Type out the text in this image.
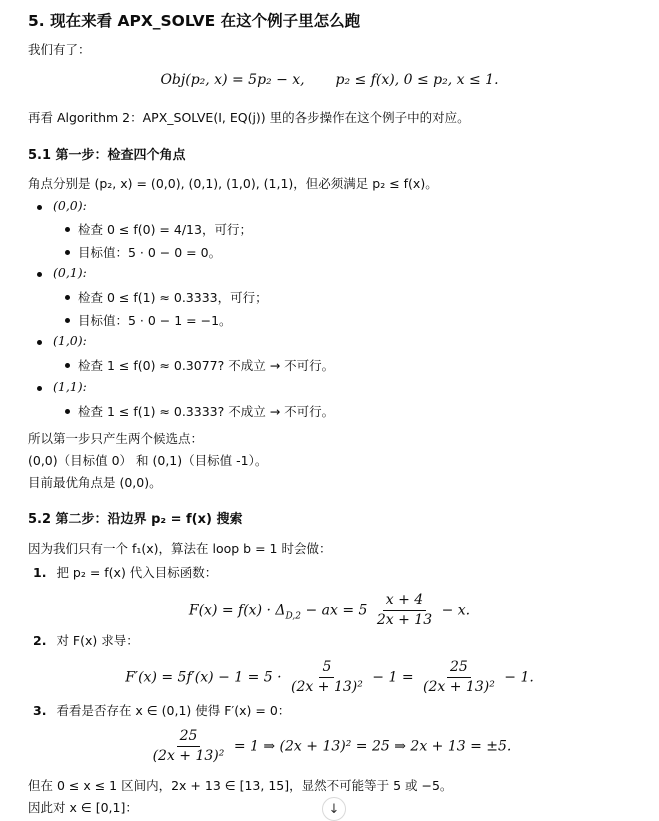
5. 现在来看 APX_SOLVE 在这个例子里怎么跑
我们有了：
Obj(p₂, x) = 5p₂ − x, p₂ ≤ f(x), 0 ≤ p₂, x ≤ 1.
再看 Algorithm 2：APX_SOLVE(I, EQ(j)) 里的各步操作在这个例子中的对应。
5.1 第一步：检查四个角点
角点分别是 (p₂, x) = (0,0), (0,1), (1,0), (1,1)，但必须满足 p₂ ≤ f(x)。
(0,0):
检查 0 ≤ f(0) = 4/13，可行；
目标值：5 · 0 − 0 = 0。
(0,1):
检查 0 ≤ f(1) ≈ 0.3333，可行；
目标值：5 · 0 − 1 = −1。
(1,0):
检查 1 ≤ f(0) ≈ 0.3077? 不成立 → 不可行。
(1,1):
检查 1 ≤ f(1) ≈ 0.3333? 不成立 → 不可行。
所以第一步只产生两个候选点：
(0,0)（目标值 0） 和 (0,1)（目标值 -1）。
目前最优角点是 (0,0)。
5.2 第二步：沿边界 p₂ = f(x) 搜索
因为我们只有一个 f₁(x)，算法在 loop b = 1 时会做：
1. 把 p₂ = f(x) 代入目标函数：
$F(x) = f(x) \cdot \Delta_{D,2}$ − ax = $5 \frac{x + 4}{2x + 13} - x$.
2. 对 F(x) 求导：
$F'(x) = 5f'(x) - 1 = 5 \cdot \frac{5}{\text{(2x + 13)²}} - 1 = \frac{25}{\text{(2x + 13)²}} - 1$.
3. 看看是否存在 x ∈ (0,1) 使得 F′(x) = 0：
$\frac{25}{\text{(2x + 13)²}} = 1$ ⇒ (2x + 13)² = 25 ⇒ 2x + 13 = ±5.
但在 0 ≤ x ≤ 1 区间内，2x + 13 ∈ [13, 15]，显然不可能等于 5 或 −5。
因此对 x ∈ [0,1]：	↓
